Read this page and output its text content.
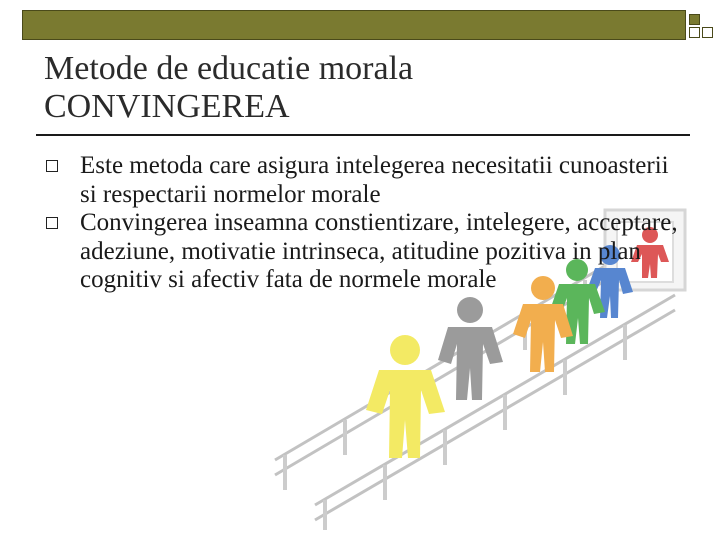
Metode de educatie morala
CONVINGEREA
Este metoda care asigura intelegerea necesitatii cunoasterii si respectarii normelor morale
Convingerea inseamna constientizare, intelegere, acceptare, adeziune, motivatie intrinseca, atitudine pozitiva in plan cognitiv si afectiv fata de normele morale
